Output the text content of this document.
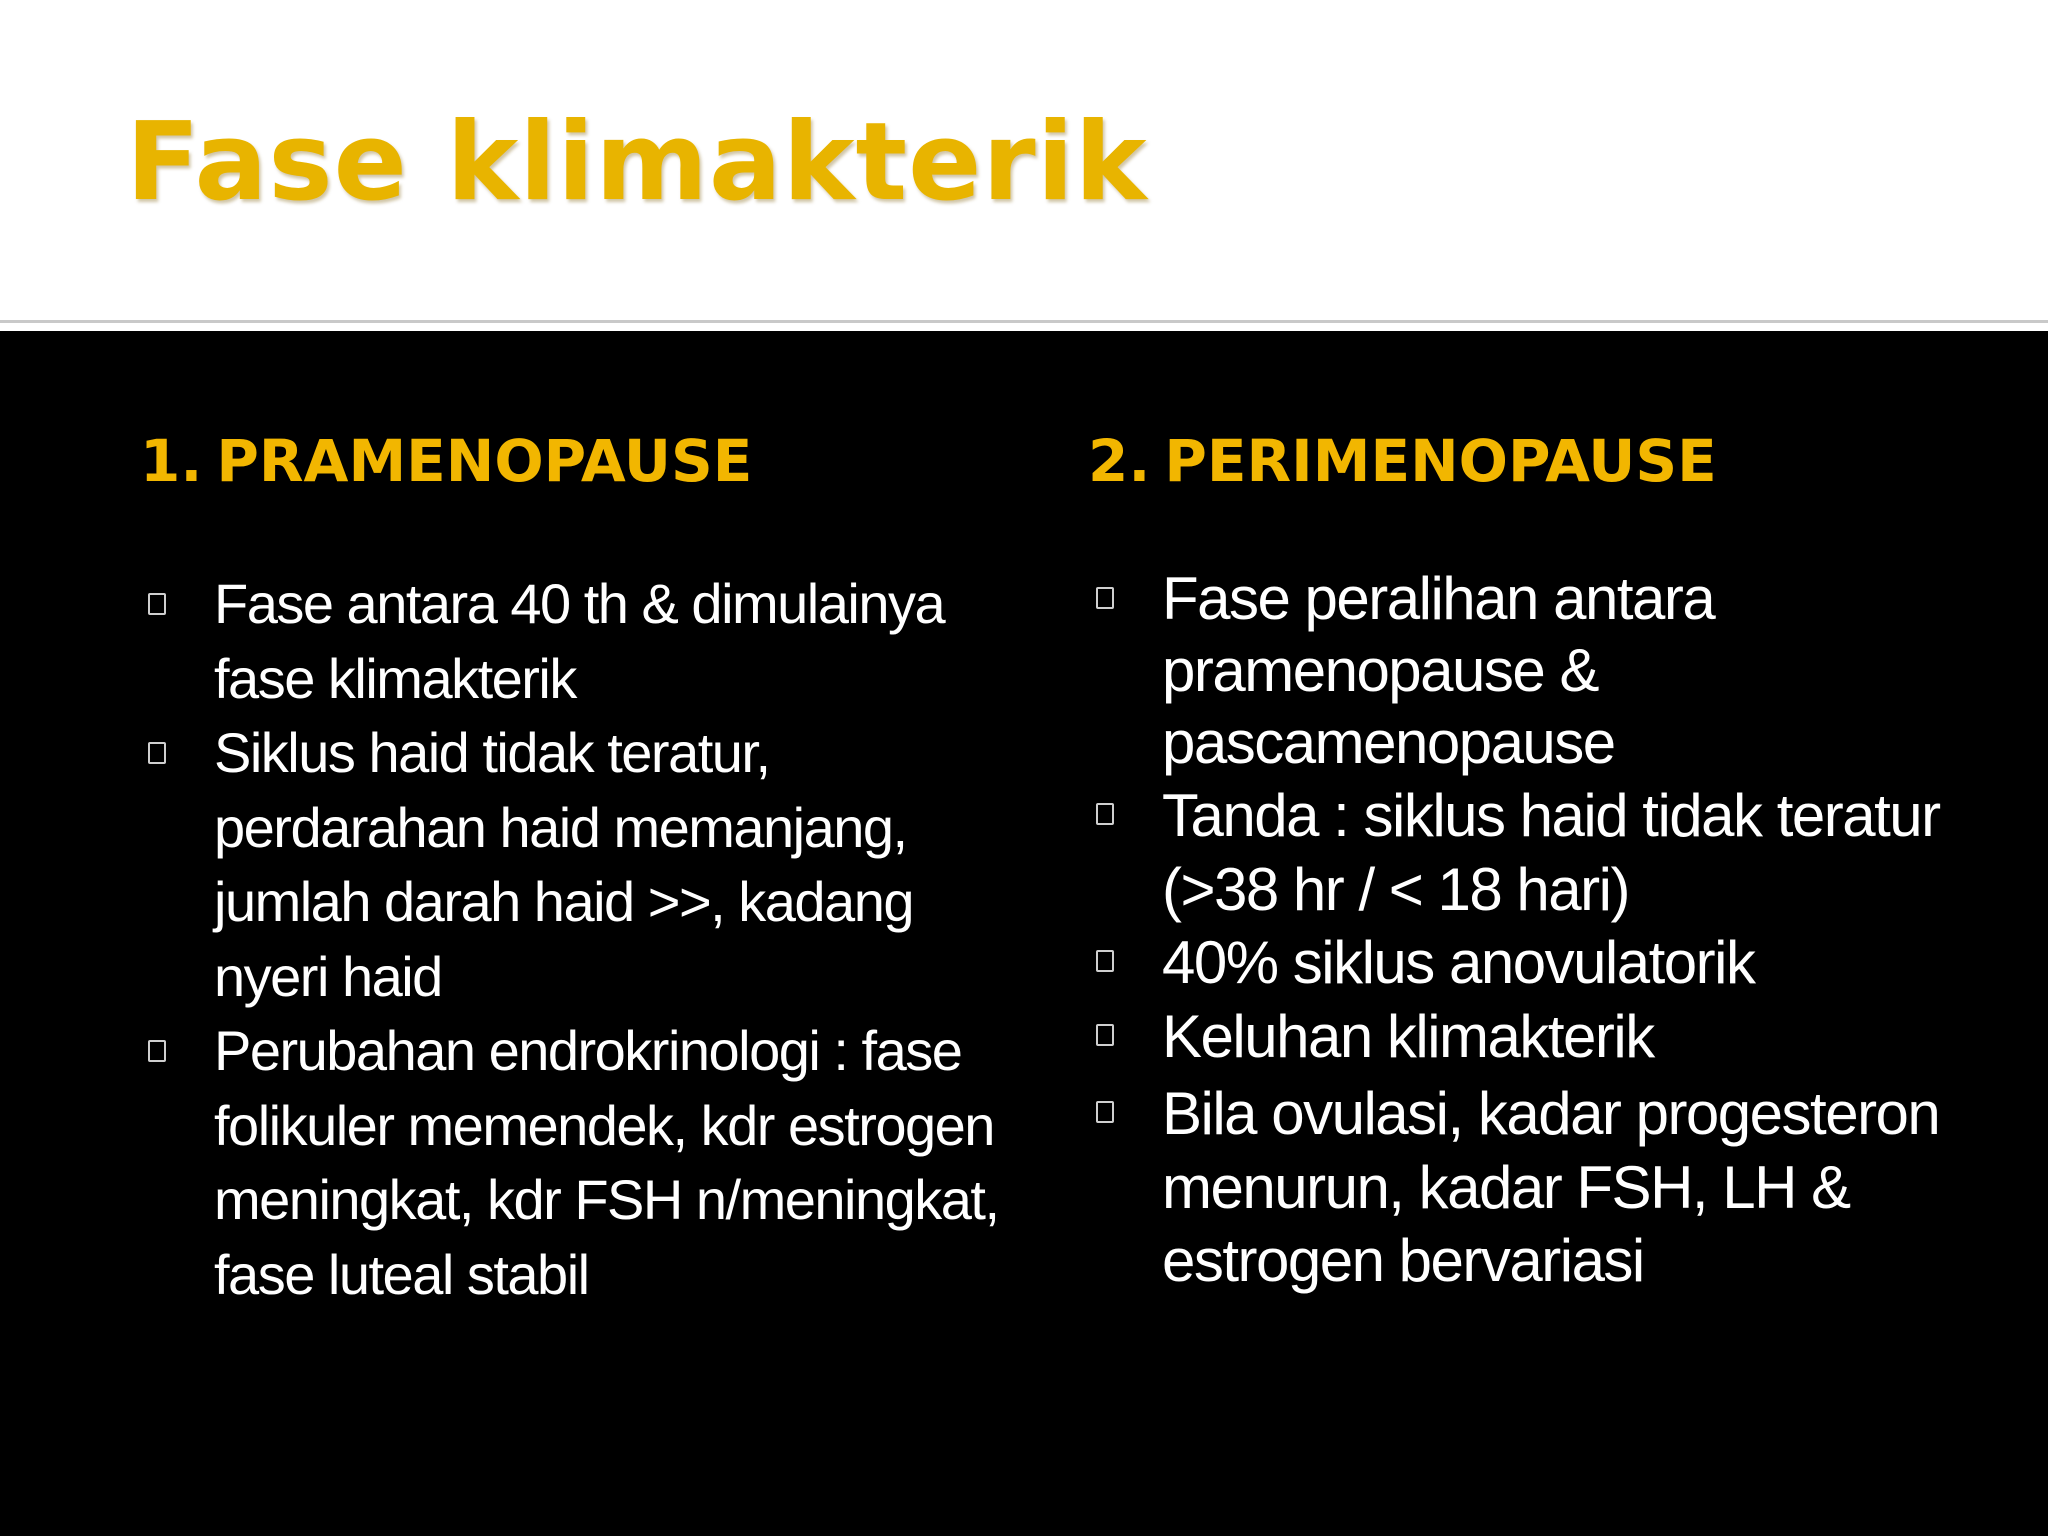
Fase klimakterik
1. PRAMENOPAUSE
Fase antara 40 th & dimulainya fase klimakterik
Siklus haid tidak teratur, perdarahan haid memanjang, jumlah darah haid >>, kadang nyeri haid
Perubahan endrokrinologi : fase folikuler memendek, kdr estrogen meningkat, kdr FSH n/meningkat, fase luteal stabil
2. PERIMENOPAUSE
Fase peralihan antara pramenopause & pascamenopause
Tanda : siklus haid tidak teratur (>38 hr / < 18 hari)
40% siklus anovulatorik
Keluhan klimakterik
Bila ovulasi, kadar progesteron menurun, kadar FSH, LH & estrogen bervariasi
